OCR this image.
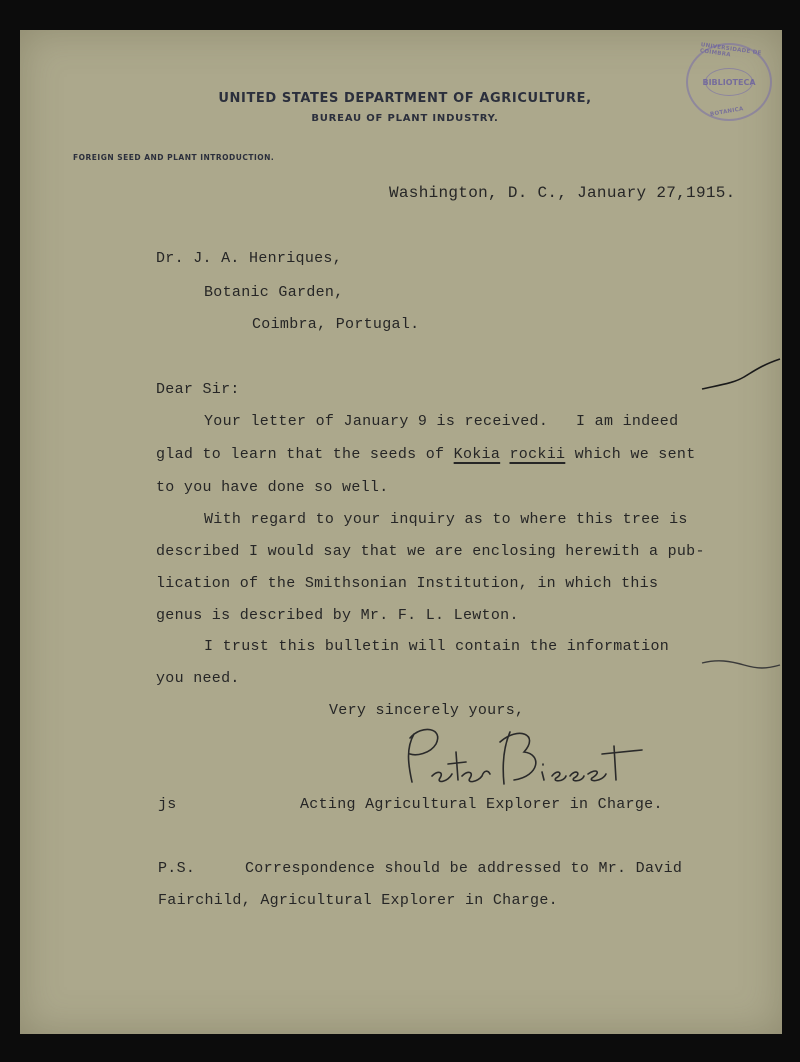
UNIVERSIDADE DE COIMBRA
BIBLIOTECA
BOTANICA
UNITED STATES DEPARTMENT OF AGRICULTURE,
BUREAU OF PLANT INDUSTRY.
FOREIGN SEED AND PLANT INTRODUCTION.
Washington, D. C., January 27,1915.
Dr. J. A. Henriques,
Botanic Garden,
Coimbra, Portugal.
Dear Sir:
Your letter of January 9 is received.   I am indeed
glad to learn that the seeds of Kokia rockii which we sent
to you have done so well.
With regard to your inquiry as to where this tree is
described I would say that we are enclosing herewith a pub-
lication of the Smithsonian Institution, in which this
genus is described by Mr. F. L. Lewton.
I trust this bulletin will contain the information
you need.
Very sincerely yours,
js	Acting Agricultural Explorer in Charge.
P.S.	Correspondence should be addressed to Mr. David
Fairchild, Agricultural Explorer in Charge.
